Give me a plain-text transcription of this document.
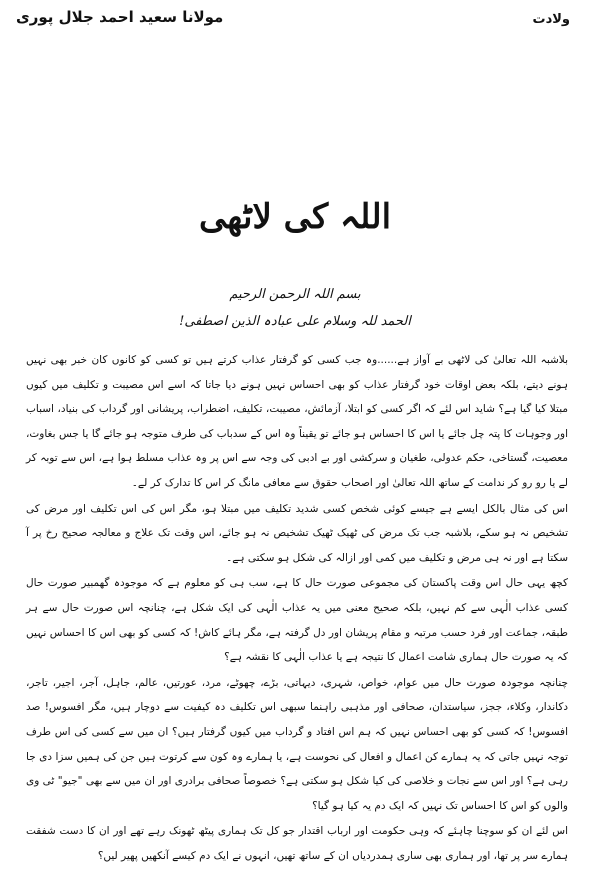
مولانا سعید احمد جلال پوری	ولادت
اللہ کی لاٹھی
بسم اللہ الرحمن الرحیم
الحمد للہ وسلام علی عبادہ الذین اصطفی!

بلاشبہ اللہ تعالیٰ کی لاٹھی بے آواز ہے......وہ جب کسی کو گرفتار عذاب کرتے ہیں تو کسی کو کانوں کان خبر بھی نہیں ہونے دیتے، بلکہ بعض اوقات خود گرفتار عذاب کو بھی احساس نہیں ہونے دیا جاتا کہ اسے اس مصیبت و تکلیف میں کیوں مبتلا کیا گیا ہے؟ شاید اس لئے کہ اگر کسی کو ابتلا، آزمائش، مصیبت، تکلیف، اضطراب، پریشانی اور گرداب کی بنیاد، اسباب اور وجوہات کا پتہ چل جائے یا اس کا احساس ہو جائے تو یقیناً وہ اس کے سدباب کی طرف متوجہ ہو جائے گا یا جس بغاوت، معصیت، گستاخی، حکم عدولی، طغیان و سرکشی اور بے ادبی کی وجہ سے اس پر وہ عذاب مسلط ہوا ہے، اس سے توبہ کر لے یا رو رو کر ندامت کے ساتھ اللہ تعالیٰ اور اصحاب حقوق سے معافی مانگ کر اس کا تدارک کر لے۔

اس کی مثال بالکل ایسے ہے جیسے کوئی شخص کسی شدید تکلیف میں مبتلا ہو، مگر اس کی اس تکلیف اور مرض کی تشخیص نہ ہو سکے، بلاشبہ جب تک مرض کی ٹھیک ٹھیک تشخیص نہ ہو جائے، اس وقت تک علاج و معالجہ صحیح رخ پر آ سکتا ہے اور نہ ہی مرض و تکلیف میں کمی اور ازالہ کی شکل ہو سکتی ہے۔

کچھ یہی حال اس وقت پاکستان کی مجموعی صورت حال کا ہے، سب ہی کو معلوم ہے کہ موجودہ گھمبیر صورت حال کسی عذاب الٰہی سے کم نہیں، بلکہ صحیح معنی میں یہ عذاب الٰہی کی ایک شکل ہے، چنانچہ اس صورت حال سے ہر طبقہ، جماعت اور فرد حسب مرتبہ و مقام پریشان اور دل گرفتہ ہے، مگر ہائے کاش! کہ کسی کو بھی اس کا احساس نہیں کہ یہ صورت حال ہماری شامت اعمال کا نتیجہ ہے یا عذاب الٰہی کا نقشہ ہے؟

چنانچہ موجودہ صورت حال میں عوام، خواص، شہری، دیہاتی، بڑے، چھوٹے، مرد، عورتیں، عالم، جاہل، آجر، اجیر، تاجر، دکاندار، وکلاء، ججز، سیاستدان، صحافی اور مذہبی راہنما سبھی اس تکلیف دہ کیفیت سے دوچار ہیں، مگر افسوس! صد افسوس! کہ کسی کو بھی احساس نہیں کہ ہم اس افتاد و گرداب میں کیوں گرفتار ہیں؟ ان میں سے کسی کی اس طرف توجہ نہیں جاتی کہ یہ ہمارے کن اعمال و افعال کی نحوست ہے، یا ہمارے وہ کون سے کرتوت ہیں جن کی ہمیں سزا دی جا رہی ہے؟ اور اس سے نجات و خلاصی کی کیا شکل ہو سکتی ہے؟ خصوصاً صحافی برادری اور ان میں سے بھی "جیو" ٹی وی والوں کو اس کا احساس تک نہیں کہ ایک دم یہ کیا ہو گیا؟

اس لئے ان کو سوچنا چاہئے کہ وہی حکومت اور ارباب اقتدار جو کل تک ہماری پیٹھ ٹھونک رہے تھے اور ان کا دست شفقت ہمارے سر پر تھا، اور ہماری بھی ساری ہمدردیاں ان کے ساتھ تھیں، انہوں نے ایک دم کیسے آنکھیں پھیر لیں؟
